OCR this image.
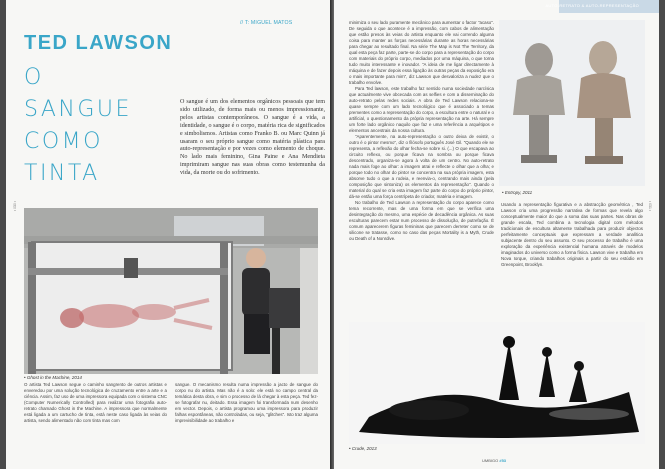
• 030 •
// T: MIGUEL MATOS
TED LAWSON
O
SANGUE
COMO
TINTA
O sangue é um dos elementos orgânicos pessoais que tem sido utilizado, de forma mais ou menos impressionante, pelos artistas contemporâneos. O sangue é a vida, a identidade, o sangue é o corpo, matéria rica de significados e simbolismos. Artistas como Franko B. ou Marc Quinn já usaram o seu próprio sangue como matéria plástica para auto-representação e por vezes como elemento de choque. No lado mais feminino, Gina Paine e Ana Mendieta imprimiram sangue nas suas obras como testemunha da vida, da morte ou do sofrimento.
• Ghost in the Machine, 2014
O artista Ted Lawson segue o caminho sangrento de outros artistas e enveredou por uma solução tecnológica de cruzamento entre a arte e a ciência. Assim, faz uso de uma impressora equipada com o sistema CNC (Computer Numerically Controlled) para realizar uma fotografia auto-retrato chamado Ghost in the Machine. A impressora que normalmente está ligada a um cartucho de tinta, está neste caso ligada às veias do artista, sendo alimentado não com tinta mas com
sangue. O mecanismo resulta numa impressão a jacto de sangue do corpo nu do artista. Mas não é a solo: ele está no campo central da temática desta obra, e sim o processo de lá chegar à esta peça. Ted fez-se fotografar nu, deitado. Essa imagem foi transformada num desenho em vector. Depois, o artista programou uma impressora para produzir falhas espontâneas, não controladas, ou seja, "glitches". Isto traz alguma imprevisibilidade ao trabalho e
AUTO-RETRATO & AUTO-REPRESENTAÇÃO
• 031 •

minimiza o seu lado puramente mecânico para aumentar o factor "acaso". De seguida o que acontece é a impressão, com cabos de alimentação que estão presos às veias do artista enquanto ele vai correndo alguma coisa para manter as forças necessárias durante as horas necessárias para chegar ao resultado final. Na série The Map is Not The Territory, da qual esta peça faz parte, parte-se do corpo para a representação do corpo com materiais do próprio corpo, mediados por uma máquina, o que torna tudo muito interessante e inovador. "A ideia de me ligar directamente à máquina e de fazer depois essa ligação às outras peças da exposição era o mais importante para mim", diz Lawson que desvaloriza a nudez que o trabalho envolve.

Para Ted lawson, este trabalho faz sentido numa sociedade narcísica que actualmente vive obcecada com as selfies e com a disseminação do auto-retrato pelas redes sociais. A obra de Ted Lawson relaciona-se quase sempre com um lado tecnológico que é associado a temas prementes como a representação do corpo, a escultura entre o natural e o artificial, o questionamento da própria representação na arte. Há sempre um forte lado orgânico naquilo que faz e uma referência a arquétipos e elementos ancestrais da nossa cultura.

"Aparentemente, na auto-representação o outro deixa de existir, o outro é o pintor mesmo", diz o filósofo português José Gil. "Quando ele se representa, a reflexão do olhar fecha-se sobre si. (...) O que escapava ao circuito reflexo, ou porque ficava na sombra ou porque ficava descentrado, organiza-se agora à volta de um centro. No auto-retrato nada mais foge ao olhar: a imagem atrai e reflecte o olhar que a olha; e porque todo no olhar do pintor se concentra na sua própria imagem, esta absorve tudo o que a rodeia, e reenvia-o, centrando mais ainda (pela composição que sintoniza) os elementos da representação". Quando o material do qual se cria esta imagem faz parte do corpo do próprio pintor, dá-se então uma força centrípeta de criador, matéria e imagem.

No trabalho de Ted Lawson a representação do corpo aparece como tema recorrente, mas de uma forma em que se verifica uma desintegração do mesmo, uma espécie de decadência orgânica. As suas esculturas parecem estar num processo de dissolução, de putrefação. É comum aparecerem figuras femininas que parecem derreter como se de silicone se tratasse, como no caso das peças Mortality is a Myth, Crude ou Death of a Nonrdive.

• Entropy, 2011
Usando a representação figurativa e a abstracção geométrica , Ted Lawson cria uma progressão narrativa de formas que revela algo conceptualmente maior do que a soma das suas partes. Nas obras de grande escala, Ted combina a tecnologia digital com métodos tradicionais de escultura altamente trabalhada para produzir objectos perfeitamente conceptuais que expressam a verdade analítica subjacente dentro do seu assunto. O seu processo de trabalho é uma exploração da experiência existencial humana através de modelos imaginados do universo como a forma física. Lawson vive e trabalha em Nova Iorque, criando trabalhos originais a partir do seu estúdio em Greenpoint, Brooklyn.
• Crude, 2013
UMBIGO #53
